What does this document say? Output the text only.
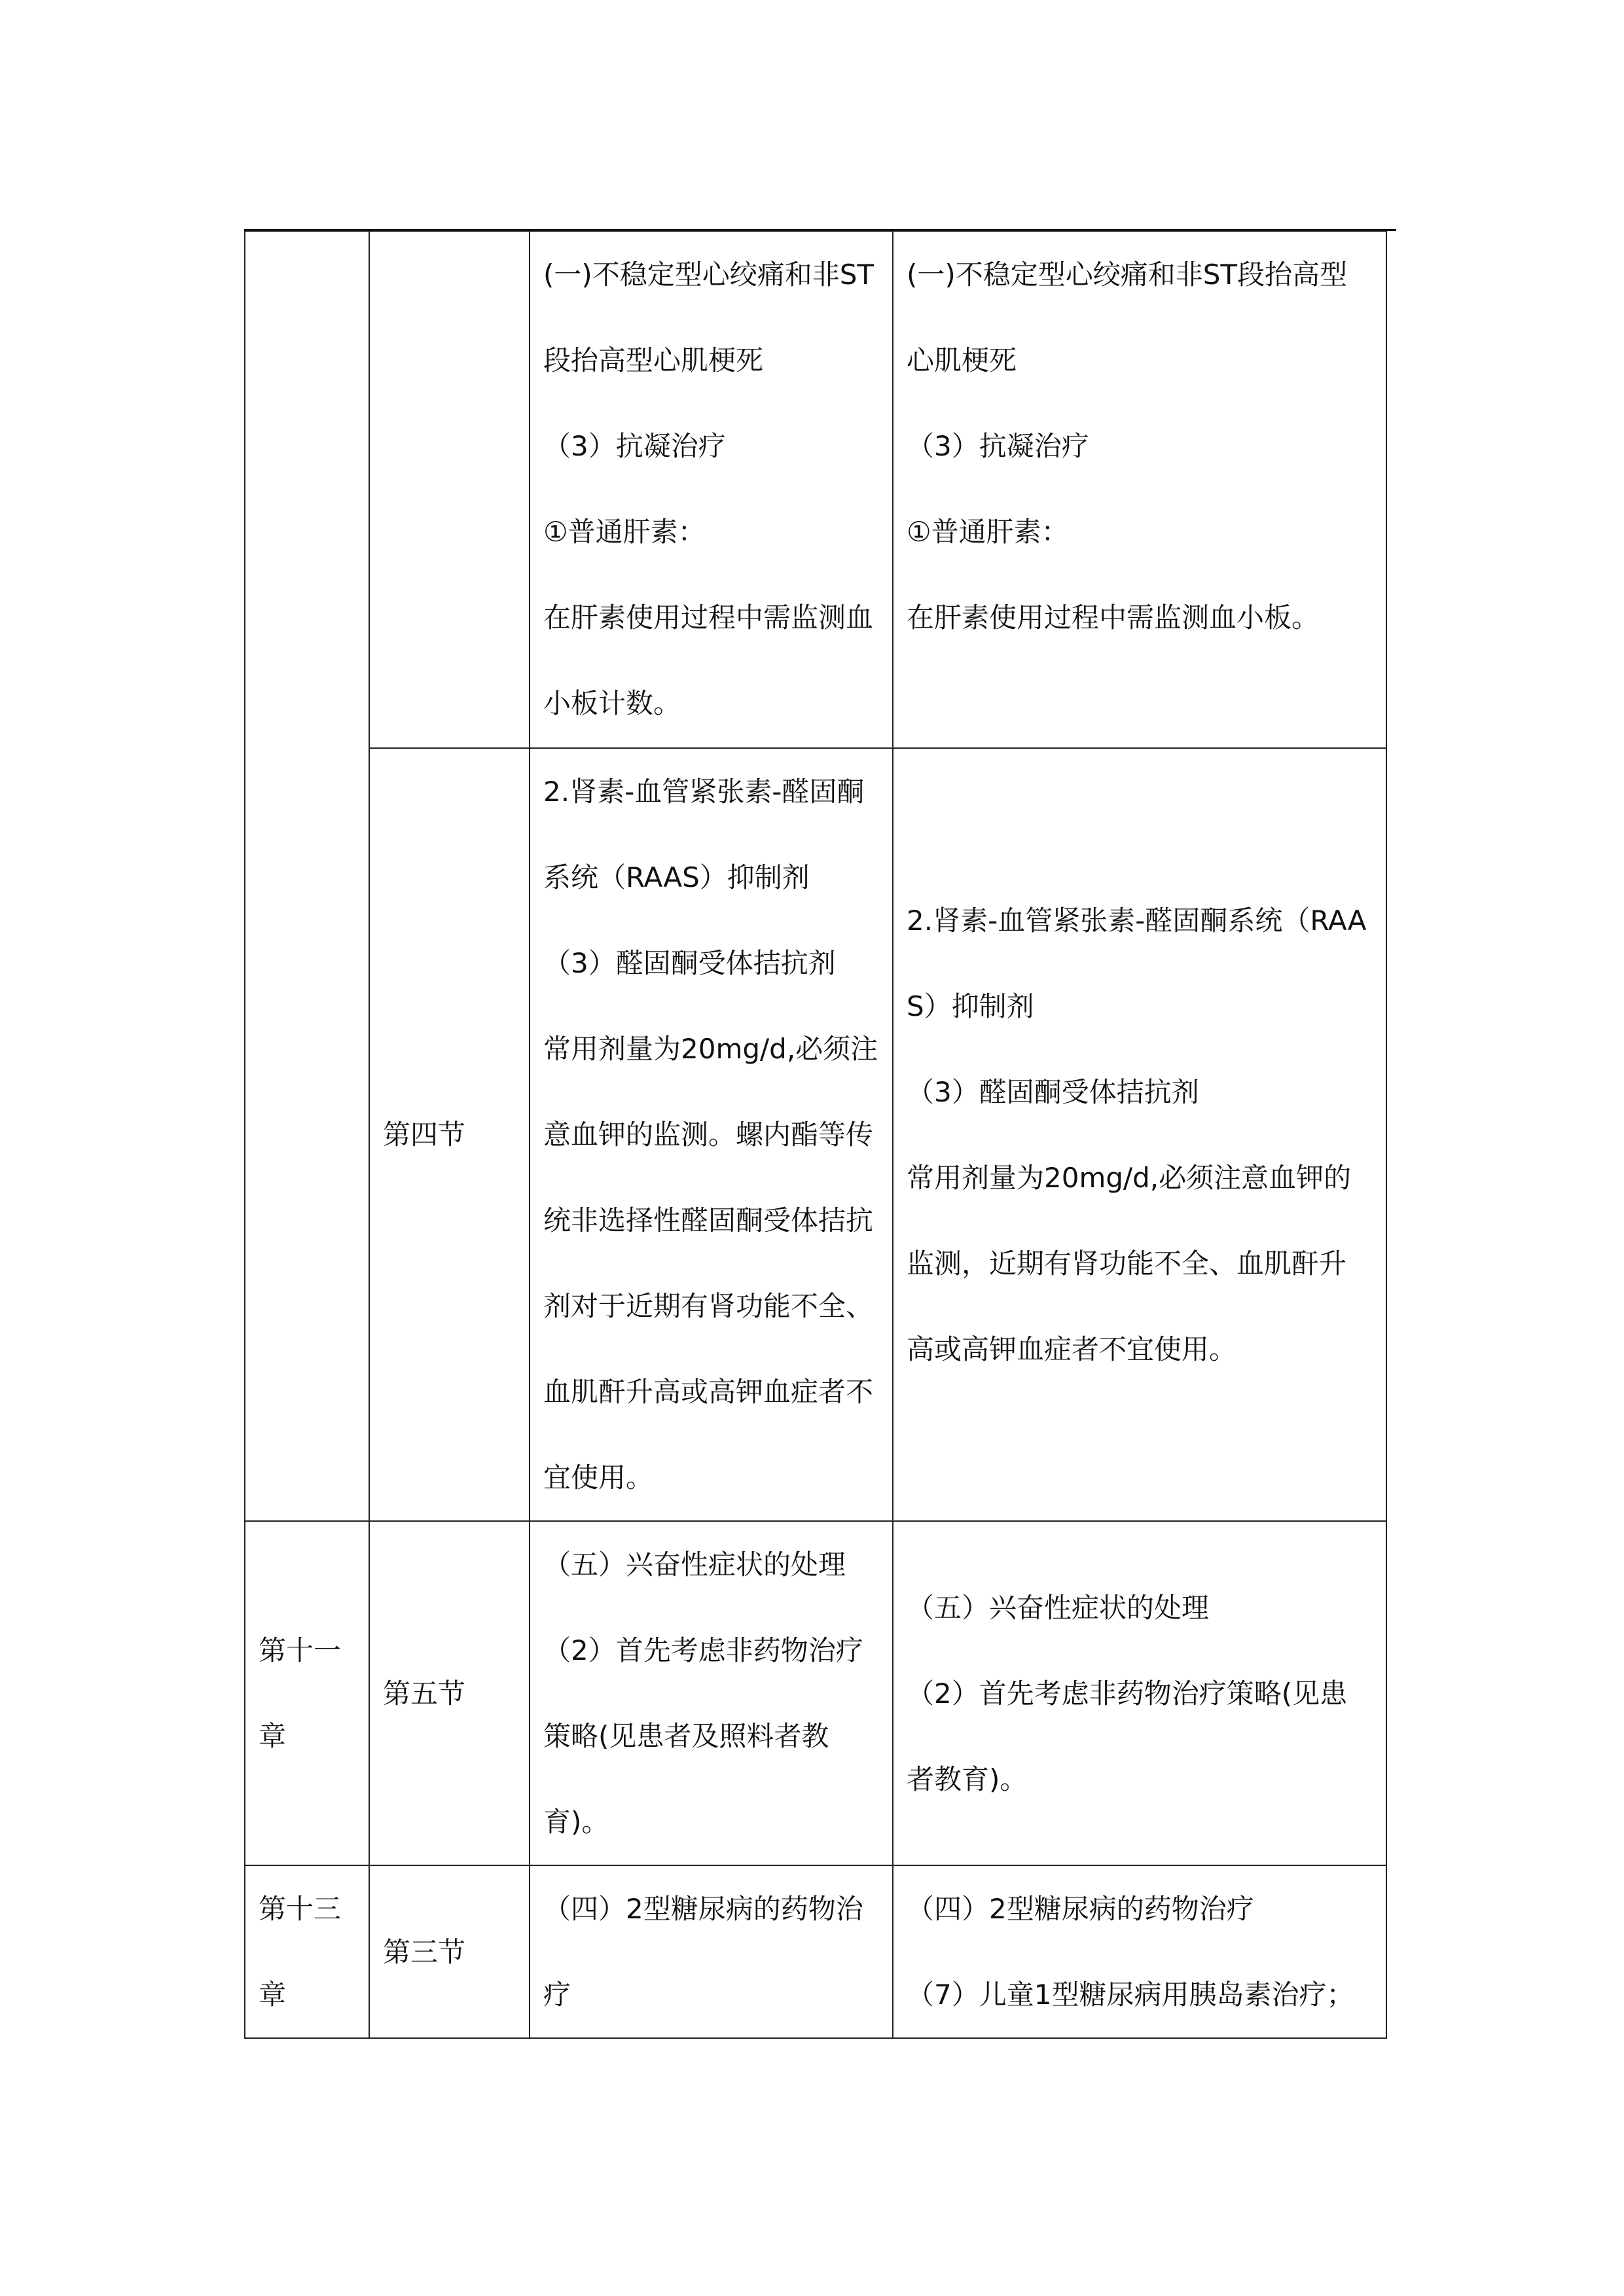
		(一)不稳定型心绞痛和非ST段抬高型心肌梗死
（3）抗凝治疗
①普通肝素：
在肝素使用过程中需监测血小板计数。	(一)不稳定型心绞痛和非ST段抬高型心肌梗死
（3）抗凝治疗
①普通肝素：
在肝素使用过程中需监测血小板。
	第四节	2.肾素-血管紧张素-醛固酮系统（RAAS）抑制剂
（3）醛固酮受体拮抗剂
常用剂量为20mg/d,必须注意血钾的监测。螺内酯等传统非选择性醛固酮受体拮抗剂对于近期有肾功能不全、血肌酐升高或高钾血症者不宜使用。	2.肾素-血管紧张素-醛固酮系统（RAAS）抑制剂
（3）醛固酮受体拮抗剂
常用剂量为20mg/d,必须注意血钾的监测，近期有肾功能不全、血肌酐升高或高钾血症者不宜使用。
第十一章	第五节	（五）兴奋性症状的处理
（2）首先考虑非药物治疗策略(见患者及照料者教育)。	（五）兴奋性症状的处理
（2）首先考虑非药物治疗策略(见患者教育)。
第十三章	第三节	（四）2型糖尿病的药物治疗	（四）2型糖尿病的药物治疗
（7）儿童1型糖尿病用胰岛素治疗；
